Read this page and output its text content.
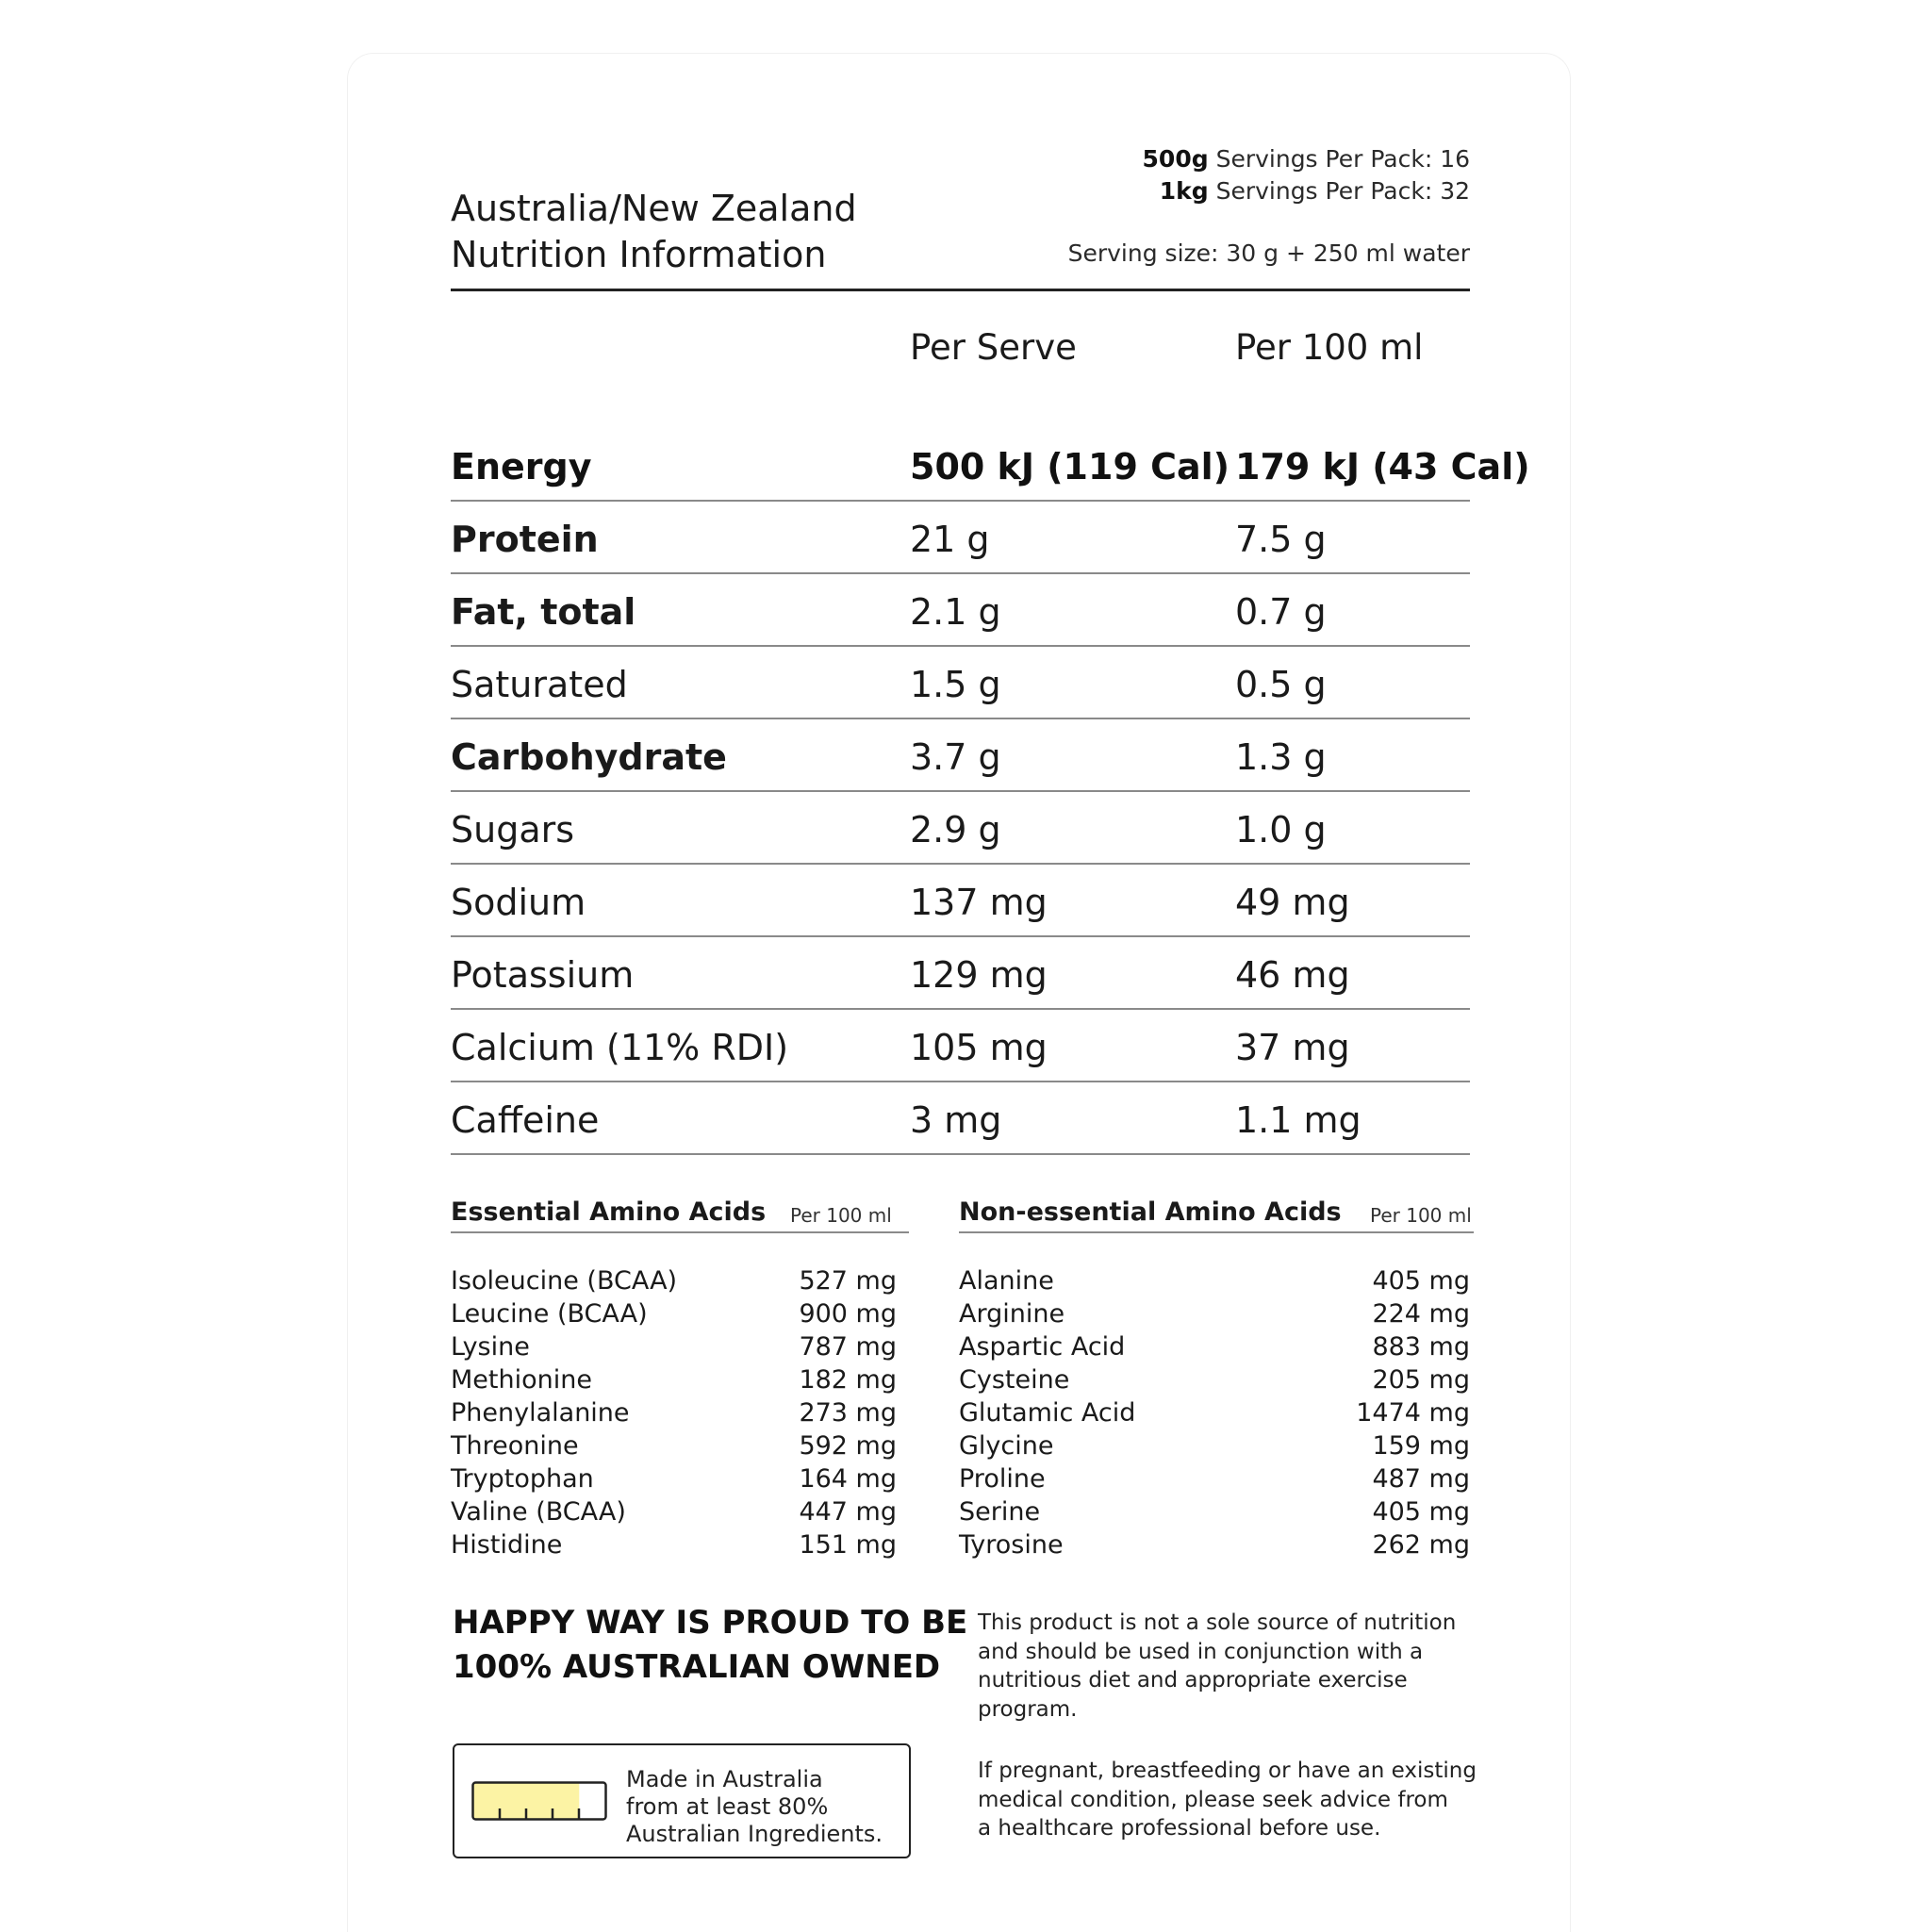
Australia/New Zealand
Nutrition Information
500g Servings Per Pack: 16
1kg Servings Per Pack: 32
Serving size: 30 g + 250 ml water
Per Serve	Per 100 ml
Energy	500 kJ (119 Cal) 179 kJ (43 Cal)
Protein	21 g	7.5 g
Fat, total	2.1 g	0.7 g
Saturated	1.5 g	0.5 g
Carbohydrate	3.7 g	1.3 g
Sugars	2.9 g	1.0 g
Sodium	137 mg	49 mg
Potassium	129 mg	46 mg
Calcium (11% RDI)	105 mg	37 mg
Caffeine	3 mg	1.1 mg
Essential Amino Acids Per 100 ml
Isoleucine (BCAA)	527 mg
Leucine (BCAA)	900 mg
Lysine	787 mg
Methionine	182 mg
Phenylalanine	273 mg
Threonine	592 mg
Tryptophan	164 mg
Valine (BCAA)	447 mg
Histidine	151 mg
Non-essential Amino Acids Per 100 ml
Alanine	405 mg
Arginine	224 mg
Aspartic Acid	883 mg
Cysteine	205 mg
Glutamic Acid	1474 mg
Glycine	159 mg
Proline	487 mg
Serine	405 mg
Tyrosine	262 mg
HAPPY WAY IS PROUD TO BE
100% AUSTRALIAN OWNED
This product is not a sole source of nutrition
and should be used in conjunction with a
nutritious diet and appropriate exercise
program.
If pregnant, breastfeeding or have an existing
medical condition, please seek advice from
a healthcare professional before use.
Made in Australia
from at least 80%
Australian Ingredients.
